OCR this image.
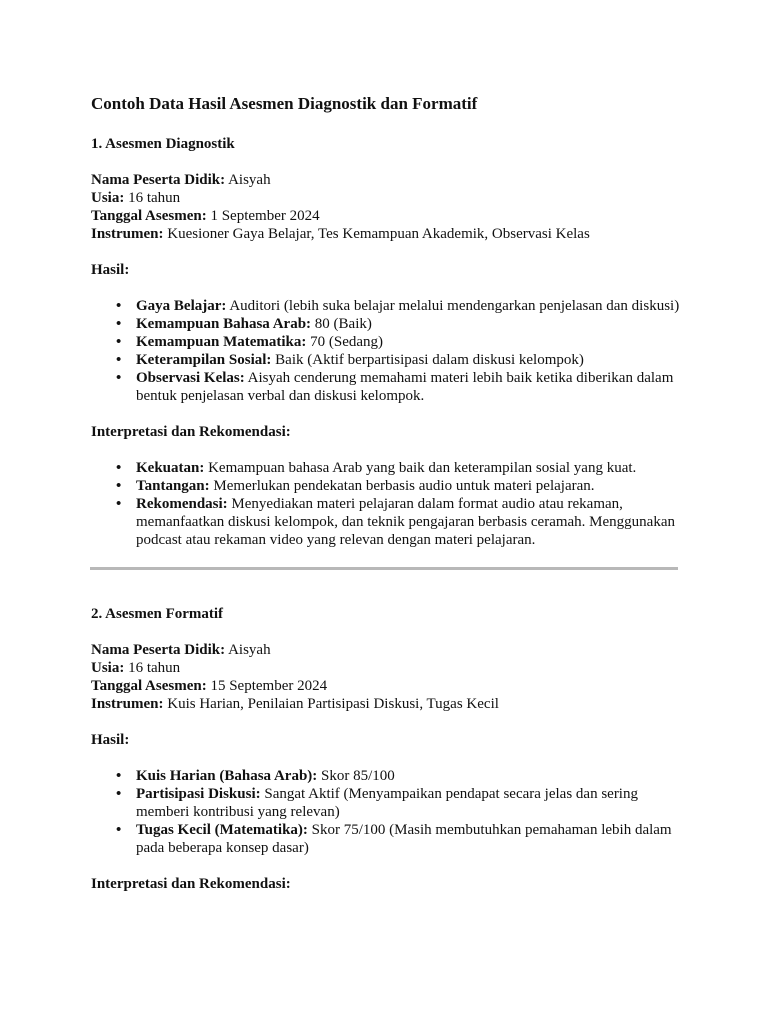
Contoh Data Hasil Asesmen Diagnostik dan Formatif

1. Asesmen Diagnostik

Nama Peserta Didik: Aisyah

Usia: 16 tahun

Tanggal Asesmen: 1 September 2024

Instrumen: Kuesioner Gaya Belajar, Tes Kemampuan Akademik, Observasi Kelas

Hasil:

• Gaya Belajar: Auditori (lebih suka belajar melalui mendengarkan penjelasan dan diskusi)
• Kemampuan Bahasa Arab: 80 (Baik)
• Kemampuan Matematika: 70 (Sedang)
• Keterampilan Sosial: Baik (Aktif berpartisipasi dalam diskusi kelompok)
• Observasi Kelas: Aisyah cenderung memahami materi lebih baik ketika diberikan dalam bentuk penjelasan verbal dan diskusi kelompok.

Interpretasi dan Rekomendasi:

• Kekuatan: Kemampuan bahasa Arab yang baik dan keterampilan sosial yang kuat.
• Tantangan: Memerlukan pendekatan berbasis audio untuk materi pelajaran.
• Rekomendasi: Menyediakan materi pelajaran dalam format audio atau rekaman, memanfaatkan diskusi kelompok, dan teknik pengajaran berbasis ceramah. Menggunakan podcast atau rekaman video yang relevan dengan materi pelajaran.

2. Asesmen Formatif

Nama Peserta Didik: Aisyah

Usia: 16 tahun

Tanggal Asesmen: 15 September 2024

Instrumen: Kuis Harian, Penilaian Partisipasi Diskusi, Tugas Kecil

Hasil:

• Kuis Harian (Bahasa Arab): Skor 85/100
• Partisipasi Diskusi: Sangat Aktif (Menyampaikan pendapat secara jelas dan sering memberi kontribusi yang relevan)
• Tugas Kecil (Matematika): Skor 75/100 (Masih membutuhkan pemahaman lebih dalam pada beberapa konsep dasar)

Interpretasi dan Rekomendasi:
